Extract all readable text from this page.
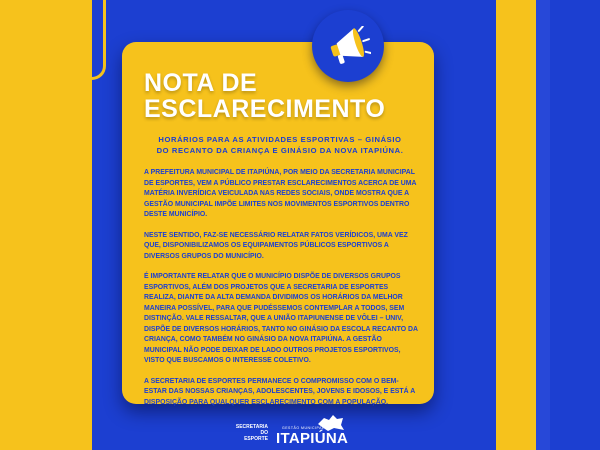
NOTA DE
ESCLARECIMENTO
HORÁRIOS PARA AS ATIVIDADES ESPORTIVAS – GINÁSIO
DO RECANTO DA CRIANÇA E GINÁSIO DA NOVA ITAPIÚNA.

A PREFEITURA MUNICIPAL DE ITAPIÚNA, POR MEIO DA SECRETARIA MUNICIPAL DE ESPORTES, VEM A PÚBLICO PRESTAR ESCLARECIMENTOS ACERCA DE UMA MATÉRIA INVERÍDICA VEICULADA NAS REDES SOCIAIS, ONDE MOSTRA QUE A GESTÃO MUNICIPAL IMPÕE LIMITES NOS MOVIMENTOS ESPORTIVOS DENTRO DESTE MUNICÍPIO.

NESTE SENTIDO, FAZ-SE NECESSÁRIO RELATAR FATOS VERÍDICOS, UMA VEZ QUE, DISPONIBILIZAMOS OS EQUIPAMENTOS PÚBLICOS ESPORTIVOS A DIVERSOS GRUPOS DO MUNICÍPIO.

É IMPORTANTE RELATAR QUE O MUNICÍPIO DISPÕE DE DIVERSOS GRUPOS ESPORTIVOS, ALÉM DOS PROJETOS QUE A SECRETARIA DE ESPORTES REALIZA, DIANTE DA ALTA DEMANDA DIVIDIMOS OS HORÁRIOS DA MELHOR MANEIRA POSSÍVEL, PARA QUE PUDÉSSEMOS CONTEMPLAR A TODOS, SEM DISTINÇÃO. VALE RESSALTAR, QUE A UNIÃO ITAPIUNENSE DE VÔLEI – UNIV, DISPÕE DE DIVERSOS HORÁRIOS, TANTO NO GINÁSIO DA ESCOLA RECANTO DA CRIANÇA, COMO TAMBÉM NO GINÁSIO DA NOVA ITAPIÚNA. A GESTÃO MUNICIPAL NÃO PODE DEIXAR DE LADO OUTROS PROJETOS ESPORTIVOS, VISTO QUE BUSCAMOS O INTERESSE COLETIVO.

A SECRETARIA DE ESPORTES PERMANECE O COMPROMISSO COM O BEM-ESTAR DAS NOSSAS CRIANÇAS, ADOLESCENTES, JOVENS E IDOSOS, E ESTÁ A DISPOSIÇÃO PARA QUALQUER ESCLARECIMENTO COM A POPULAÇÃO.

SECRETARIA DO
ESPORTE
GESTÃO MUNICIPAL
ITAPIÚNA
